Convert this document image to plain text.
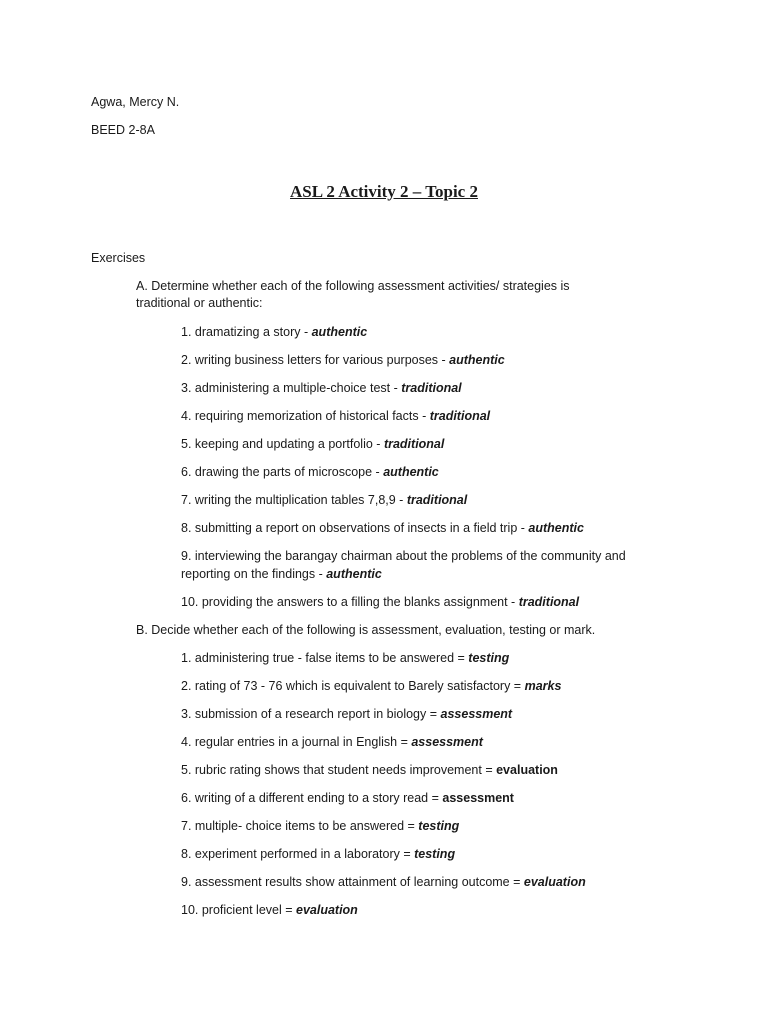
Agwa, Mercy N.
BEED 2-8A
ASL 2 Activity 2 – Topic 2
Exercises
A. Determine whether each of the following assessment activities/ strategies is
traditional or authentic:
1. dramatizing a story - authentic
2. writing business letters for various purposes - authentic
3. administering a multiple-choice test - traditional
4. requiring memorization of historical facts - traditional
5. keeping and updating a portfolio - traditional
6. drawing the parts of microscope - authentic
7. writing the multiplication tables 7,8,9 - traditional
8. submitting a report on observations of insects in a field trip - authentic
9. interviewing the barangay chairman about the problems of the community and
reporting on the findings - authentic
10. providing the answers to a filling the blanks assignment - traditional
B. Decide whether each of the following is assessment, evaluation, testing or mark.
1. administering true - false items to be answered = testing
2. rating of 73 - 76 which is equivalent to Barely satisfactory = marks
3. submission of a research report in biology = assessment
4. regular entries in a journal in English = assessment
5. rubric rating shows that student needs improvement = evaluation
6. writing of a different ending to a story read = assessment
7. multiple- choice items to be answered = testing
8. experiment performed in a laboratory = testing
9. assessment results show attainment of learning outcome = evaluation
10. proficient level = evaluation
